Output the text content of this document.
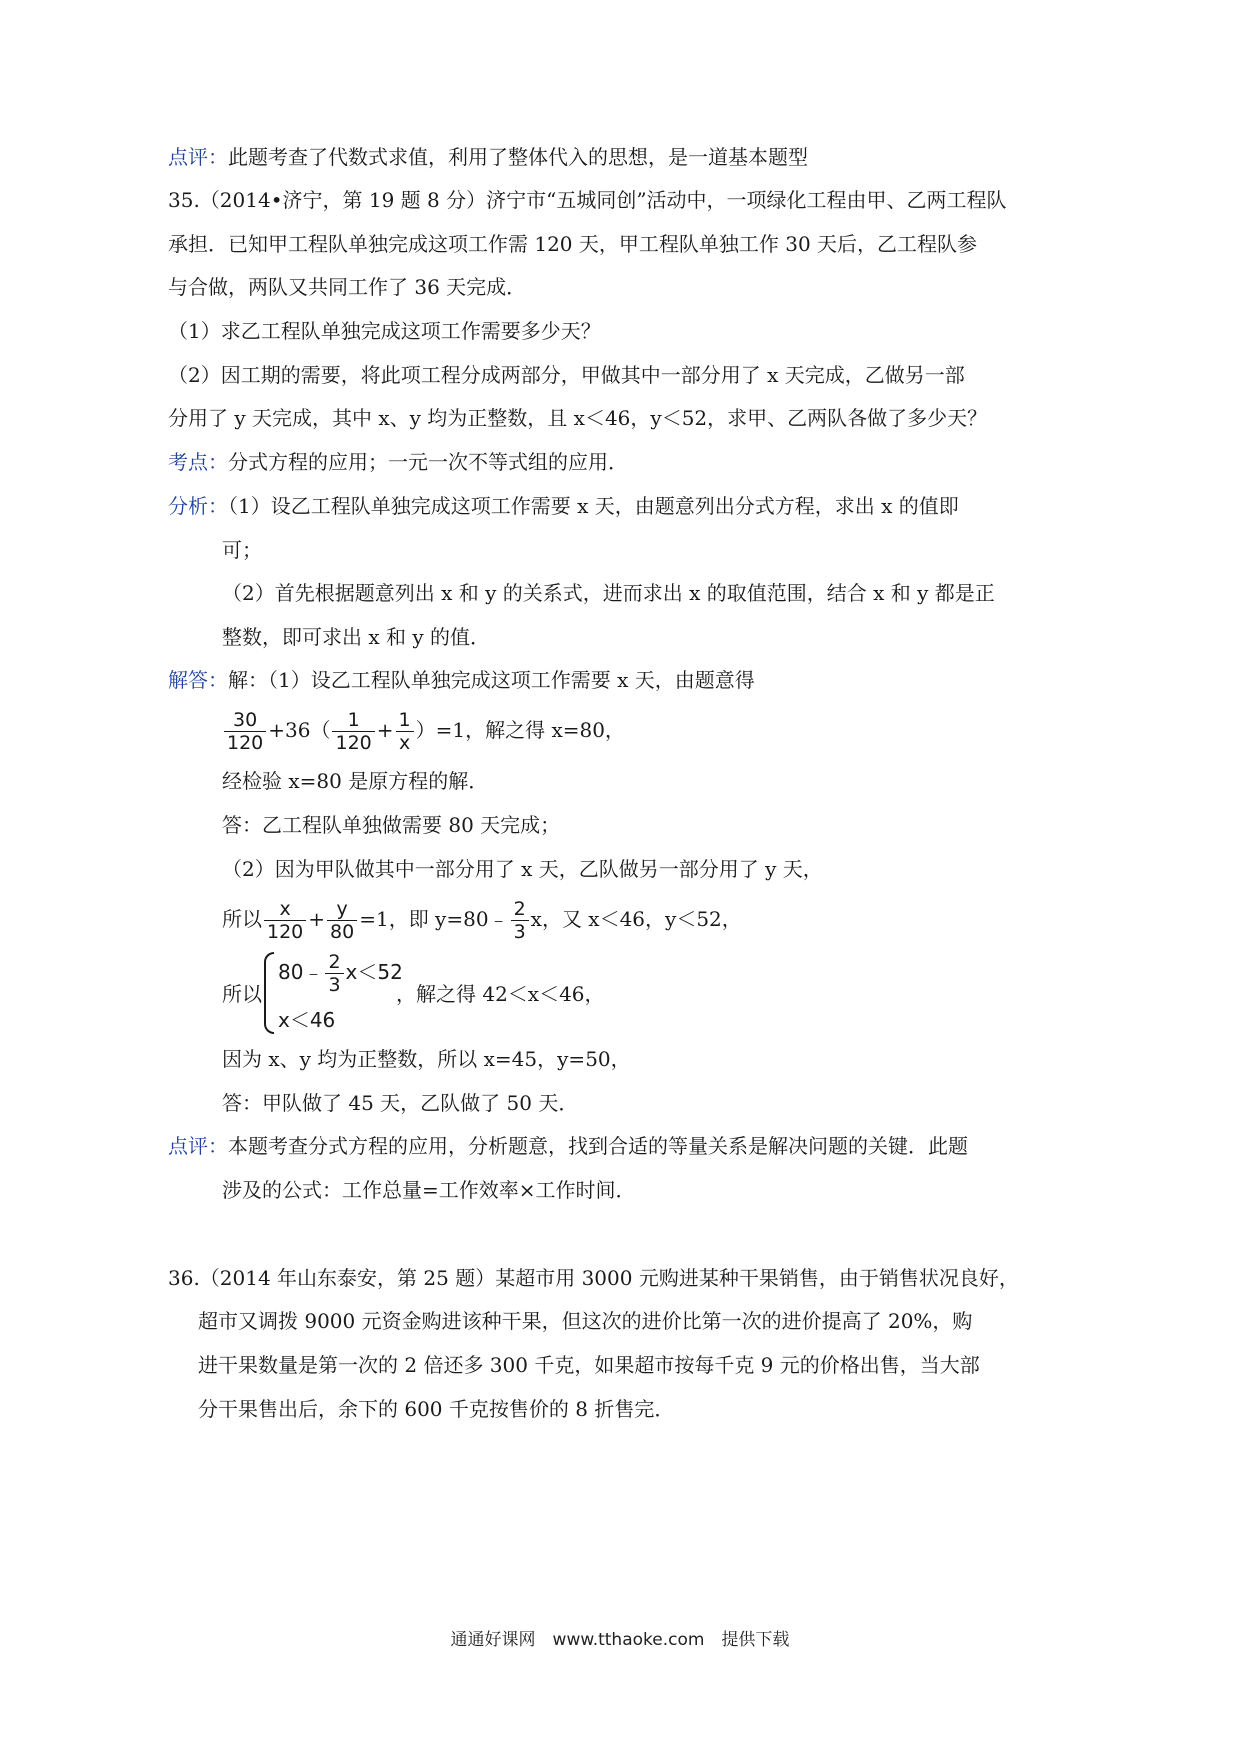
点评：此题考查了代数式求值，利用了整体代入的思想，是一道基本题型
35.（2014•济宁，第 19 题 8 分）济宁市“五城同创”活动中，一项绿化工程由甲、乙两工程队
承担．已知甲工程队单独完成这项工作需 120 天，甲工程队单独工作 30 天后，乙工程队参
与合做，两队又共同工作了 36 天完成．
（1）求乙工程队单独完成这项工作需要多少天？
（2）因工期的需要，将此项工程分成两部分，甲做其中一部分用了 x 天完成，乙做另一部
分用了 y 天完成，其中 x、y 均为正整数，且 x＜46，y＜52，求甲、乙两队各做了多少天？
考点：分式方程的应用；一元一次不等式组的应用．
分析：（1）设乙工程队单独完成这项工作需要 x 天，由题意列出分式方程，求出 x 的值即
可；
（2）首先根据题意列出 x 和 y 的关系式，进而求出 x 的取值范围，结合 x 和 y 都是正
整数，即可求出 x 和 y 的值．
解答：解：（1）设乙工程队单独完成这项工作需要 x 天，由题意得
$\frac{30}{120} +36( \frac{1}{120} + \frac{1}{x} )=1$，解之得 x=80，
经检验 x=80 是原方程的解．
答：乙工程队单独做需要 80 天完成；
（2）因为甲队做其中一部分用了 x 天，乙队做另一部分用了 y 天，
所以 $\frac{x}{120} + \frac{y}{80} =1$，即 y=80﹣ $\frac{2}{3}$ x，又 x＜46，y＜52，
所以
80﹣ $\frac{2}{3} x<52$
x＜46
，解之得 42＜x＜46，
因为 x、y 均为正整数，所以 x=45，y=50，
答：甲队做了 45 天，乙队做了 50 天．
点评：本题考查分式方程的应用，分析题意，找到合适的等量关系是解决问题的关键．此题
涉及的公式：工作总量=工作效率×工作时间．
36.（2014 年山东泰安，第 25 题）某超市用 3000 元购进某种干果销售，由于销售状况良好，
超市又调拨 9000 元资金购进该种干果，但这次的进价比第一次的进价提高了 20%，购
进干果数量是第一次的 2 倍还多 300 千克，如果超市按每千克 9 元的价格出售，当大部
分干果售出后，余下的 600 千克按售价的 8 折售完．
通通好课网　www.tthaoke.com　提供下载
